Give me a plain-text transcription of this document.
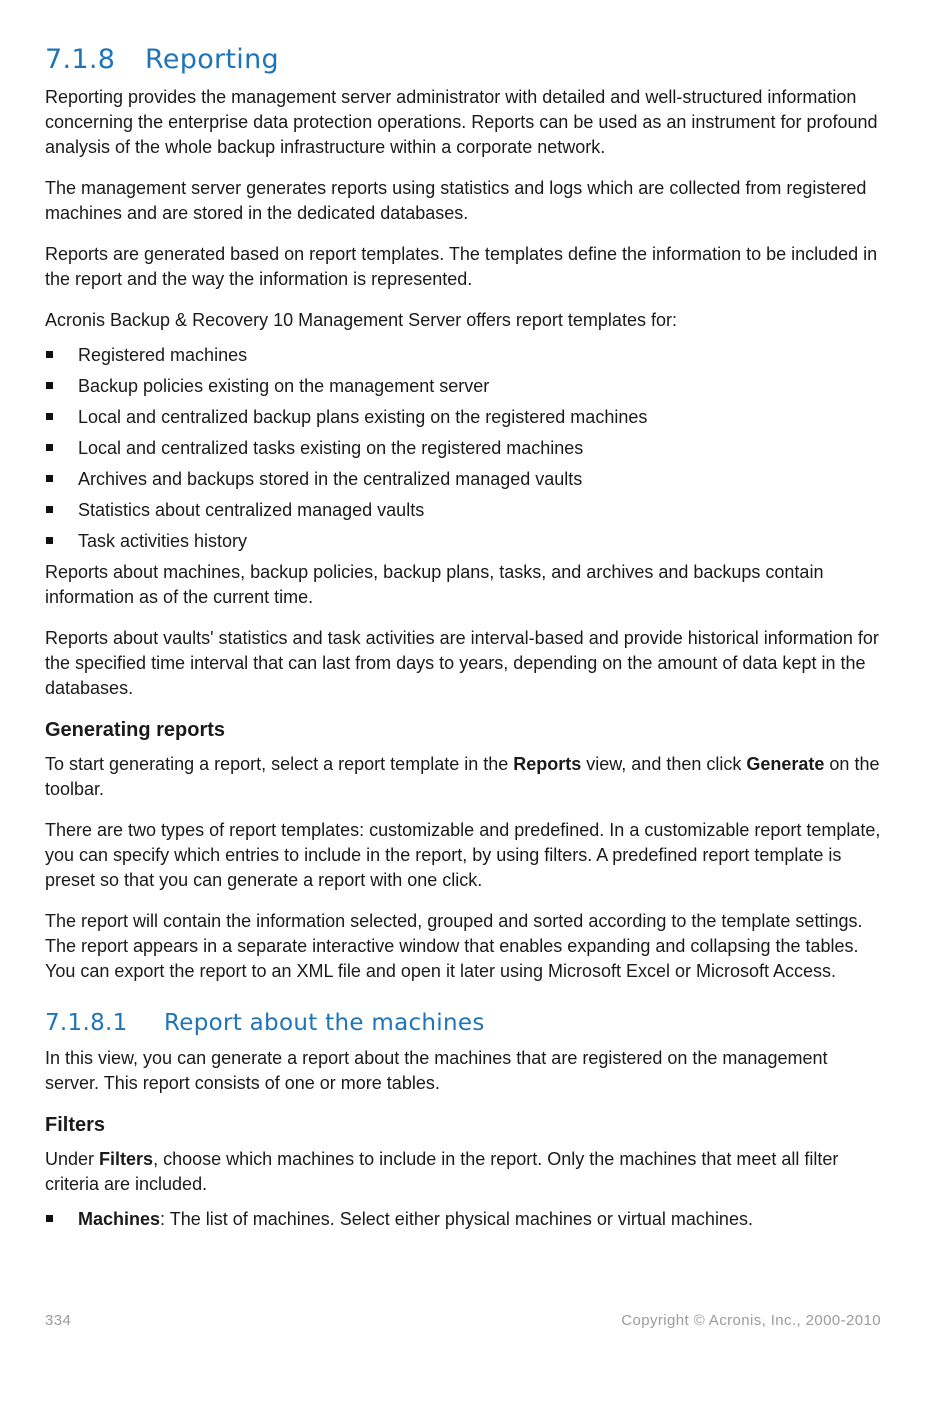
7.1.8	Reporting

Reporting provides the management server administrator with detailed and well-structured information concerning the enterprise data protection operations. Reports can be used as an instrument for profound analysis of the whole backup infrastructure within a corporate network.

The management server generates reports using statistics and logs which are collected from registered machines and are stored in the dedicated databases.

Reports are generated based on report templates. The templates define the information to be included in the report and the way the information is represented.

Acronis Backup & Recovery 10 Management Server offers report templates for:

Registered machines
Backup policies existing on the management server
Local and centralized backup plans existing on the registered machines
Local and centralized tasks existing on the registered machines
Archives and backups stored in the centralized managed vaults
Statistics about centralized managed vaults
Task activities history

Reports about machines, backup policies, backup plans, tasks, and archives and backups contain information as of the current time.

Reports about vaults' statistics and task activities are interval-based and provide historical information for the specified time interval that can last from days to years, depending on the amount of data kept in the databases.

Generating reports

To start generating a report, select a report template in the Reports view, and then click Generate on the toolbar.

There are two types of report templates: customizable and predefined. In a customizable report template, you can specify which entries to include in the report, by using filters. A predefined report template is preset so that you can generate a report with one click.

The report will contain the information selected, grouped and sorted according to the template settings. The report appears in a separate interactive window that enables expanding and collapsing the tables. You can export the report to an XML file and open it later using Microsoft Excel or Microsoft Access.

7.1.8.1	Report about the machines

In this view, you can generate a report about the machines that are registered on the management server. This report consists of one or more tables.

Filters

Under Filters, choose which machines to include in the report. Only the machines that meet all filter criteria are included.

Machines: The list of machines. Select either physical machines or virtual machines.
334	Copyright © Acronis, Inc., 2000-2010
